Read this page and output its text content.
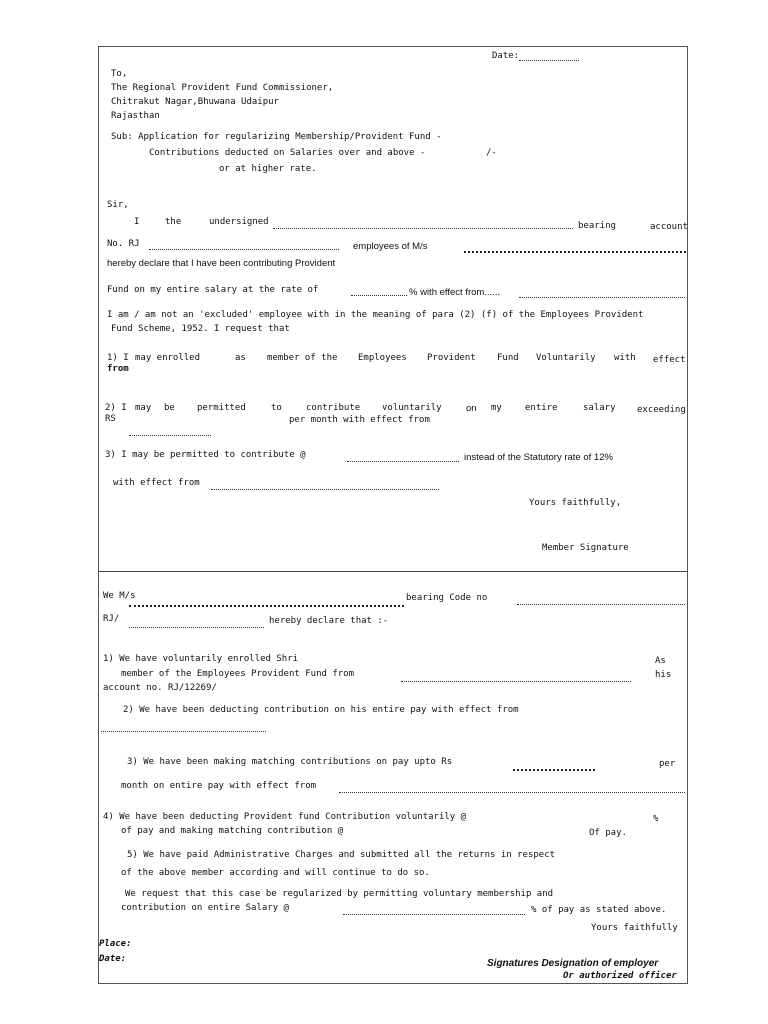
Date:
To,
The Regional Provident Fund Commissioner,
Chitrakut Nagar,Bhuwana Udaipur
Rajasthan
Sub: Application for regularizing Membership/Provident Fund -
Contributions deducted on Salaries over and above -	/-
or at higher rate.
Sir,
I	the	undersigned	bearing	account
No. RJ	employees of M/s
hereby declare that I have been contributing Provident
Fund on my entire salary at the rate of	% with effect from......
I am / am not an 'excluded' employee with in the meaning of para (2) (f) of the Employees Provident
Fund Scheme, 1952. I request that
1) I may enrolled	as member of the Employees Provident Fund Voluntarily with effect
from
2) I may be permitted	to	contribute voluntarily	on my	entire	salary exceeding
RS	per month with effect from
3) I may be permitted to contribute @	instead of the Statutory rate of 12%
with effect from
Yours faithfully,
Member Signature
We M/s	bearing Code no
RJ/	hereby declare that :-
1) We have voluntarily enrolled Shri	As
member of the Employees Provident Fund from	his
account no. RJ/12269/
2) We have been deducting contribution on his entire pay with effect from
3) We have been making matching contributions on pay upto Rs	per
month on entire pay with effect from
4) We have been deducting Provident fund Contribution voluntarily @	%
of pay and making matching contribution @	Of pay.
5) We have paid Administrative Charges and submitted all the returns in respect
of the above member according and will continue to do so.
We request that this case be regularized by permitting voluntary membership and
contribution on entire Salary @	% of pay as stated above.
Yours faithfully
Place:
Date:	Signatures Designation of employer
Or authorized officer
